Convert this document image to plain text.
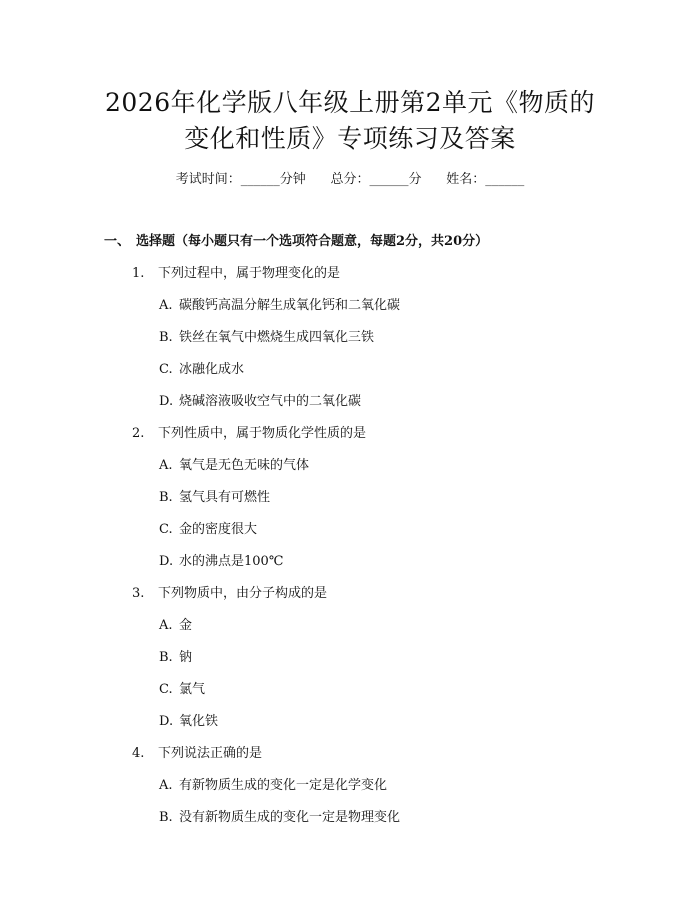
2026年化学版八年级上册第2单元《物质的
变化和性质》专项练习及答案
考试时间：______分钟      总分：______分      姓名：______
一、 选择题（每小题只有一个选项符合题意，每题2分，共20分）
1. 下列过程中，属于物理变化的是
A. 碳酸钙高温分解生成氧化钙和二氧化碳
B. 铁丝在氧气中燃烧生成四氧化三铁
C. 冰融化成水
D. 烧碱溶液吸收空气中的二氧化碳
2. 下列性质中，属于物质化学性质的是
A. 氧气是无色无味的气体
B. 氢气具有可燃性
C. 金的密度很大
D. 水的沸点是100℃
3. 下列物质中，由分子构成的是
A. 金
B. 钠
C. 氯气
D. 氧化铁
4. 下列说法正确的是
A. 有新物质生成的变化一定是化学变化
B. 没有新物质生成的变化一定是物理变化
